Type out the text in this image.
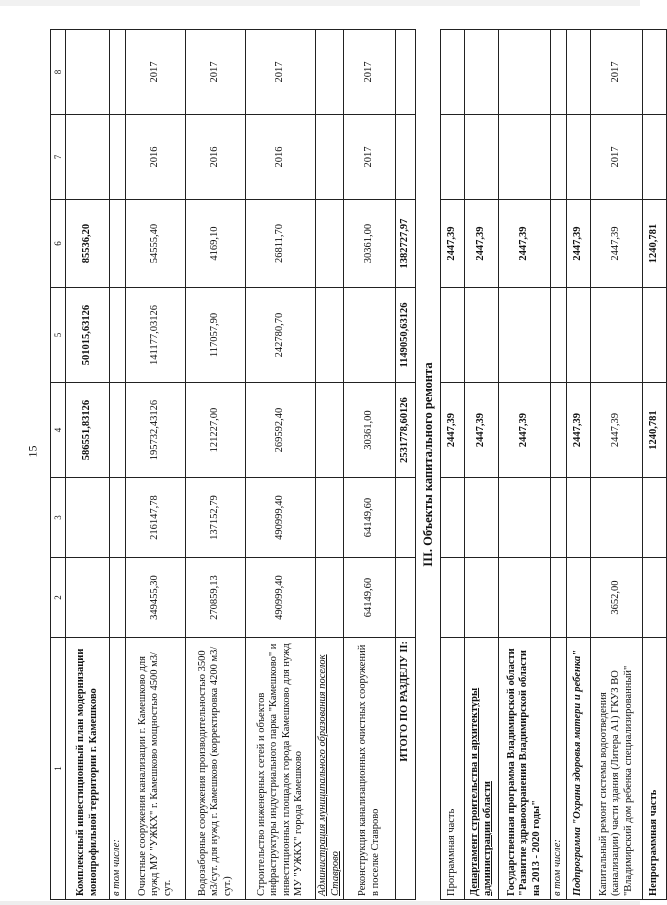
15
1	2	3	4	5	6	7	8
Комплексный инвестиционный план модернизации монопрофильной территории г. Камешково			586551,83126	501015,63126	85536,20		
в том числе:							
Очистные сооружения канализации г. Камешково для нужд МУ "УЖКХ" г. Камешково мощностью 4500 м3/сут.	349455,30	216147,78	195732,43126	141177,03126	54555,40	2016	2017
Водозаборные сооружения производительностью 3500 м3/сут. для нужд г. Камешково (корректировка 4200 м3/сут.)	270859,13	137152,79	121227,00	117057,90	4169,10	2016	2017
Строительство инженерных сетей и объектов инфраструктуры индустриального парка "Камешково" и инвестиционных площадок города Камешково для нужд МУ "УЖКХ" города Камешково	490999,40	490999,40	269592,40	242780,70	26811,70	2016	2017
Администрация муниципального образования поселок Ставрово							
Реконструкция канализационных очистных сооружений в поселке Ставрово	64149,60	64149,60	30361,00		30361,00	2017	2017
ИТОГО ПО РАЗДЕЛУ II:			2531778,60126	1149050,63126	1382727,97		
III. Объекты капитального ремонта							
Программная часть			2447,39		2447,39		
Департамент строительства и архитектуры администрации области			2447,39		2447,39		
Государственная программа Владимирской области "Развитие здравоохранения Владимирской области на 2013 - 2020 годы"			2447,39		2447,39		
в том числе:							
Подпрограмма "Охрана здоровья матери и ребенка"			2447,39		2447,39		
Капитальный ремонт системы водоотведения (канализации) части здания (Литера А1) ГКУЗ ВО "Владимирский дом ребенка специализированный"	3652,00		2447,39		2447,39	2017	2017
Непрограммная часть			1240,781		1240,781		
